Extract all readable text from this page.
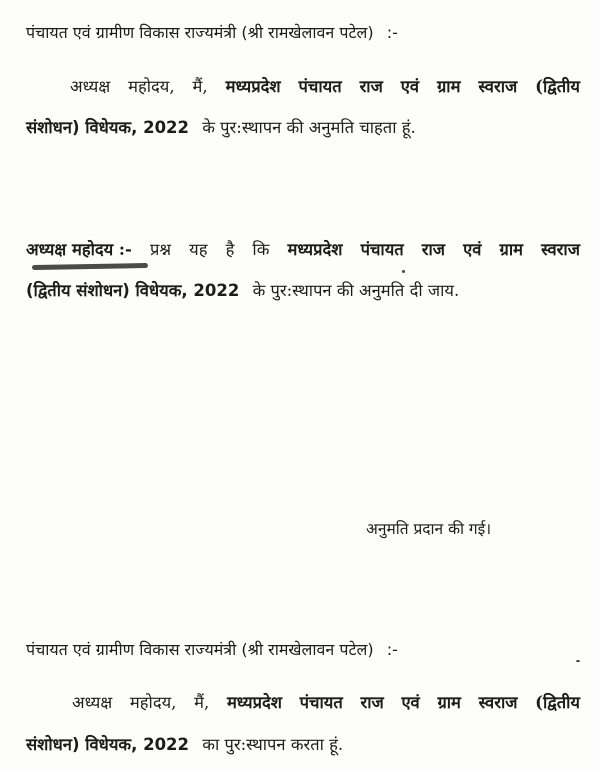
पंचायत एवं ग्रामीण विकास राज्यमंत्री (श्री रामखेलावन पटेल) :-
अध्यक्ष महोदय, मैं, मध्यप्रदेश पंचायत राज एवं ग्राम स्वराज (द्वितीय
संशोधन) विधेयक, 2022 के पुर:स्थापन की अनुमति चाहता हूं.
अध्यक्ष महोदय :- प्रश्न यह है कि मध्यप्रदेश पंचायत राज एवं ग्राम स्वराज
(द्वितीय संशोधन) विधेयक, 2022 के पुर:स्थापन की अनुमति दी जाय.
अनुमति प्रदान की गई।
पंचायत एवं ग्रामीण विकास राज्यमंत्री (श्री रामखेलावन पटेल) :-
अध्यक्ष महोदय, मैं, मध्यप्रदेश पंचायत राज एवं ग्राम स्वराज (द्वितीय
संशोधन) विधेयक, 2022 का पुर:स्थापन करता हूं.
